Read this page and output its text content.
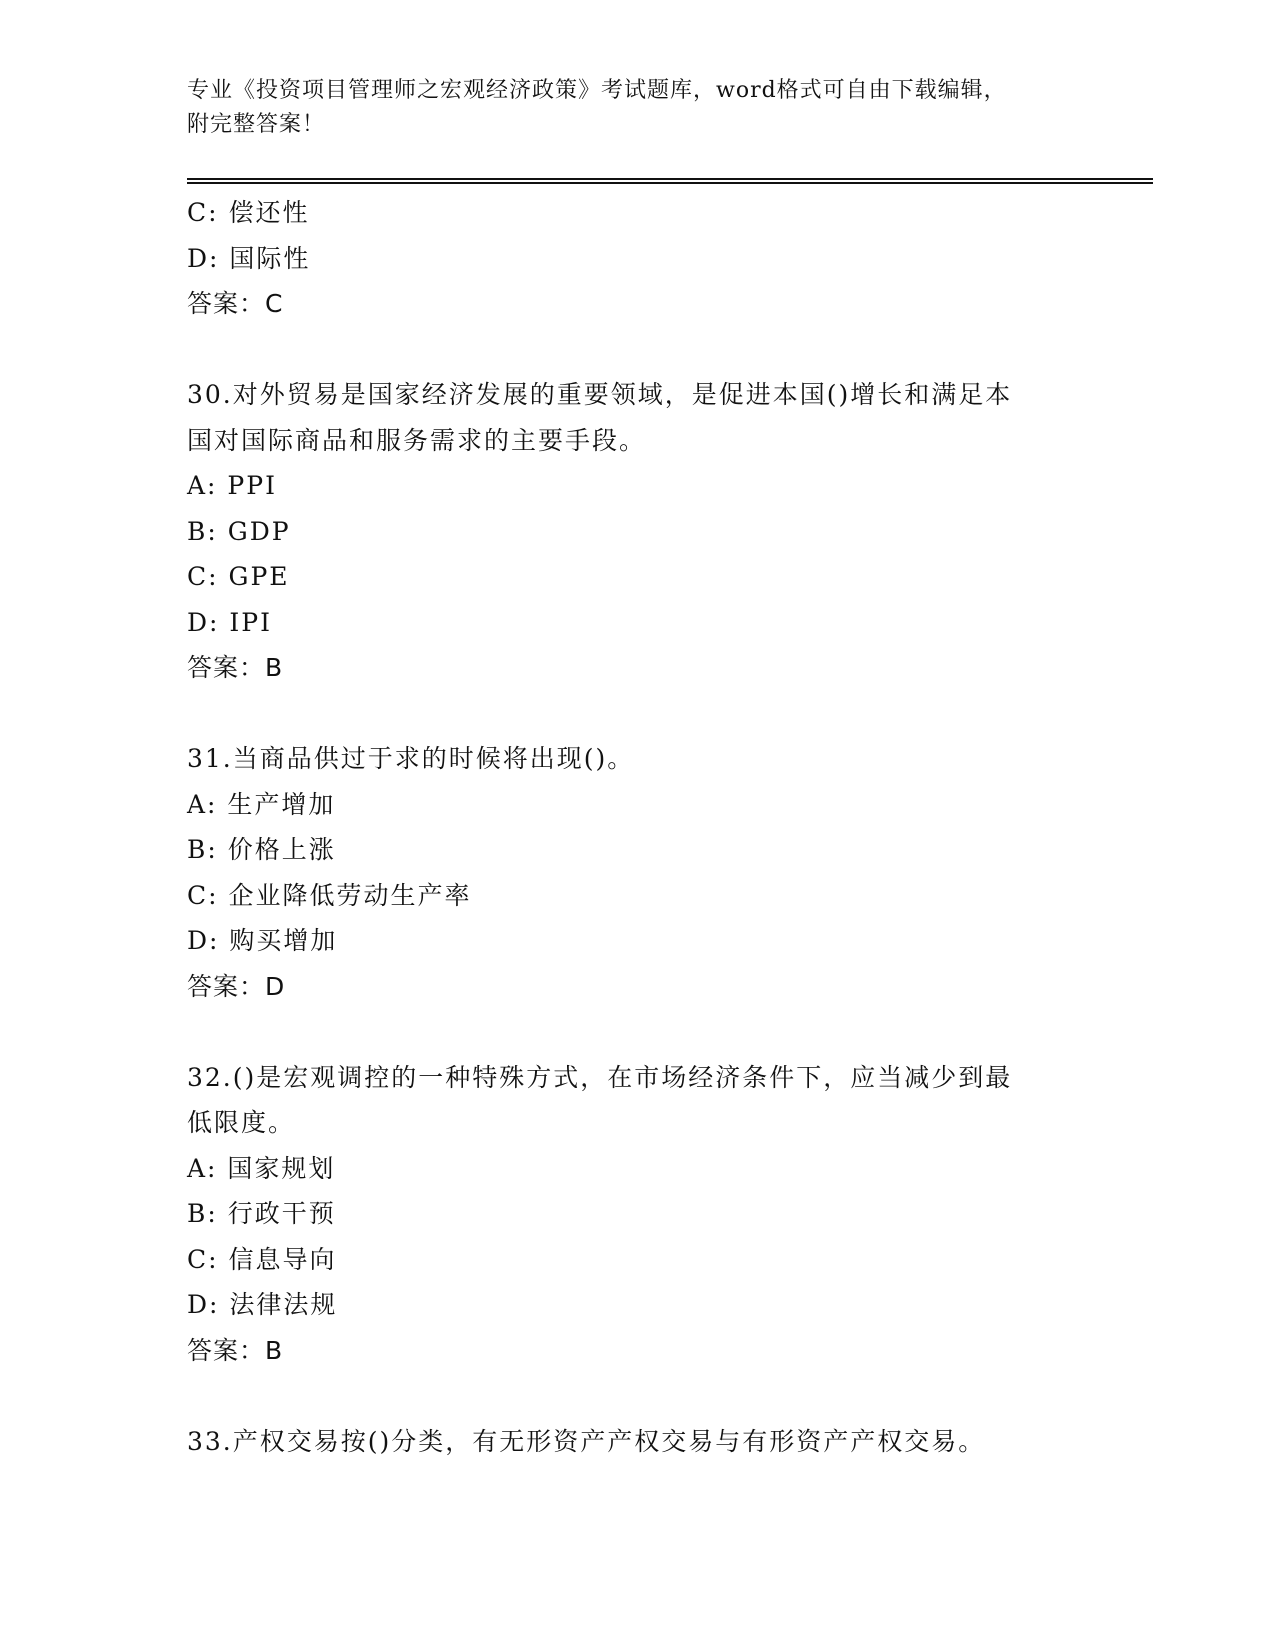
专业《投资项目管理师之宏观经济政策》考试题库，word格式可自由下载编辑，
附完整答案！
C: 偿还性
D: 国际性
答案：C
30.对外贸易是国家经济发展的重要领域，是促进本国()增长和满足本
国对国际商品和服务需求的主要手段。
A: PPI
B: GDP
C: GPE
D: IPI
答案：B
31.当商品供过于求的时候将出现()。
A: 生产增加
B: 价格上涨
C: 企业降低劳动生产率
D: 购买增加
答案：D
32.()是宏观调控的一种特殊方式，在市场经济条件下，应当减少到最
低限度。
A: 国家规划
B: 行政干预
C: 信息导向
D: 法律法规
答案：B
33.产权交易按()分类，有无形资产产权交易与有形资产产权交易。
